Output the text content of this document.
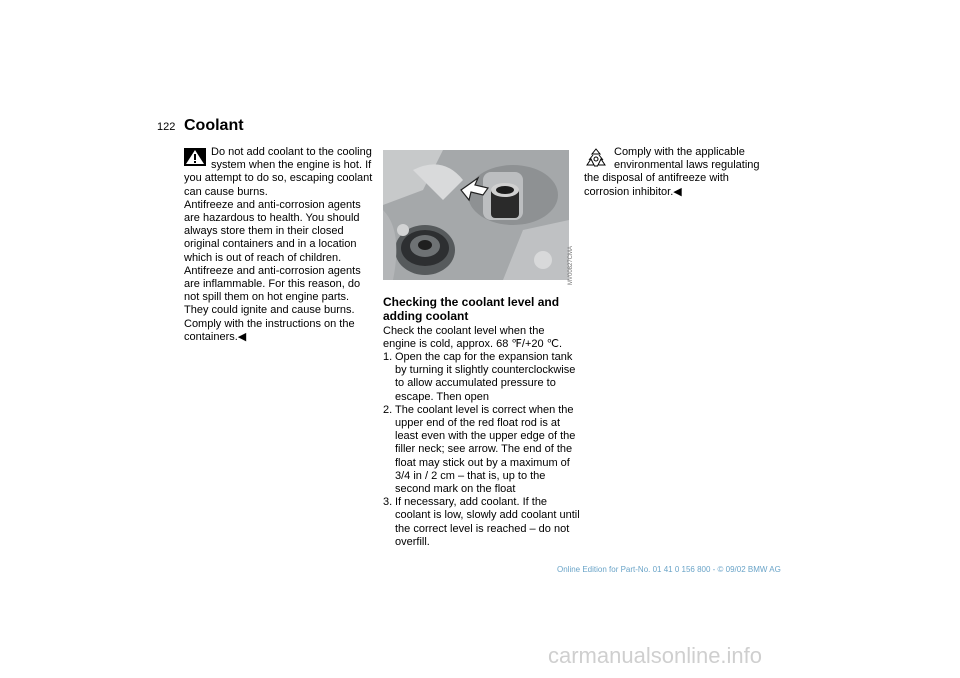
122 Coolant
Do not add coolant to the cooling system when the engine is hot. If you attempt to do so, escaping coolant can cause burns.
Antifreeze and anti-corrosion agents are hazardous to health. You should always store them in their closed original containers and in a location which is out of reach of children. Antifreeze and anti-corrosion agents are inflammable. For this reason, do not spill them on hot engine parts. They could ignite and cause burns. Comply with the instructions on the containers.◀
MV00827CMA
Checking the coolant level and adding coolant
Check the coolant level when the engine is cold, approx. 68 ℉/+20 ℃.
1. Open the cap for the expansion tank by turning it slightly counterclockwise to allow accumulated pressure to escape. Then open
2. The coolant level is correct when the upper end of the red float rod is at least even with the upper edge of the filler neck; see arrow. The end of the float may stick out by a maximum of 3/4 in / 2 cm – that is, up to the second mark on the float
3. If necessary, add coolant. If the coolant is low, slowly add coolant until the correct level is reached – do not overfill.
Comply with the applicable environmental laws regulating the disposal of antifreeze with corrosion inhibitor.◀
Online Edition for Part-No. 01 41 0 156 800 - © 09/02 BMW AG
carmanualsonline.info
